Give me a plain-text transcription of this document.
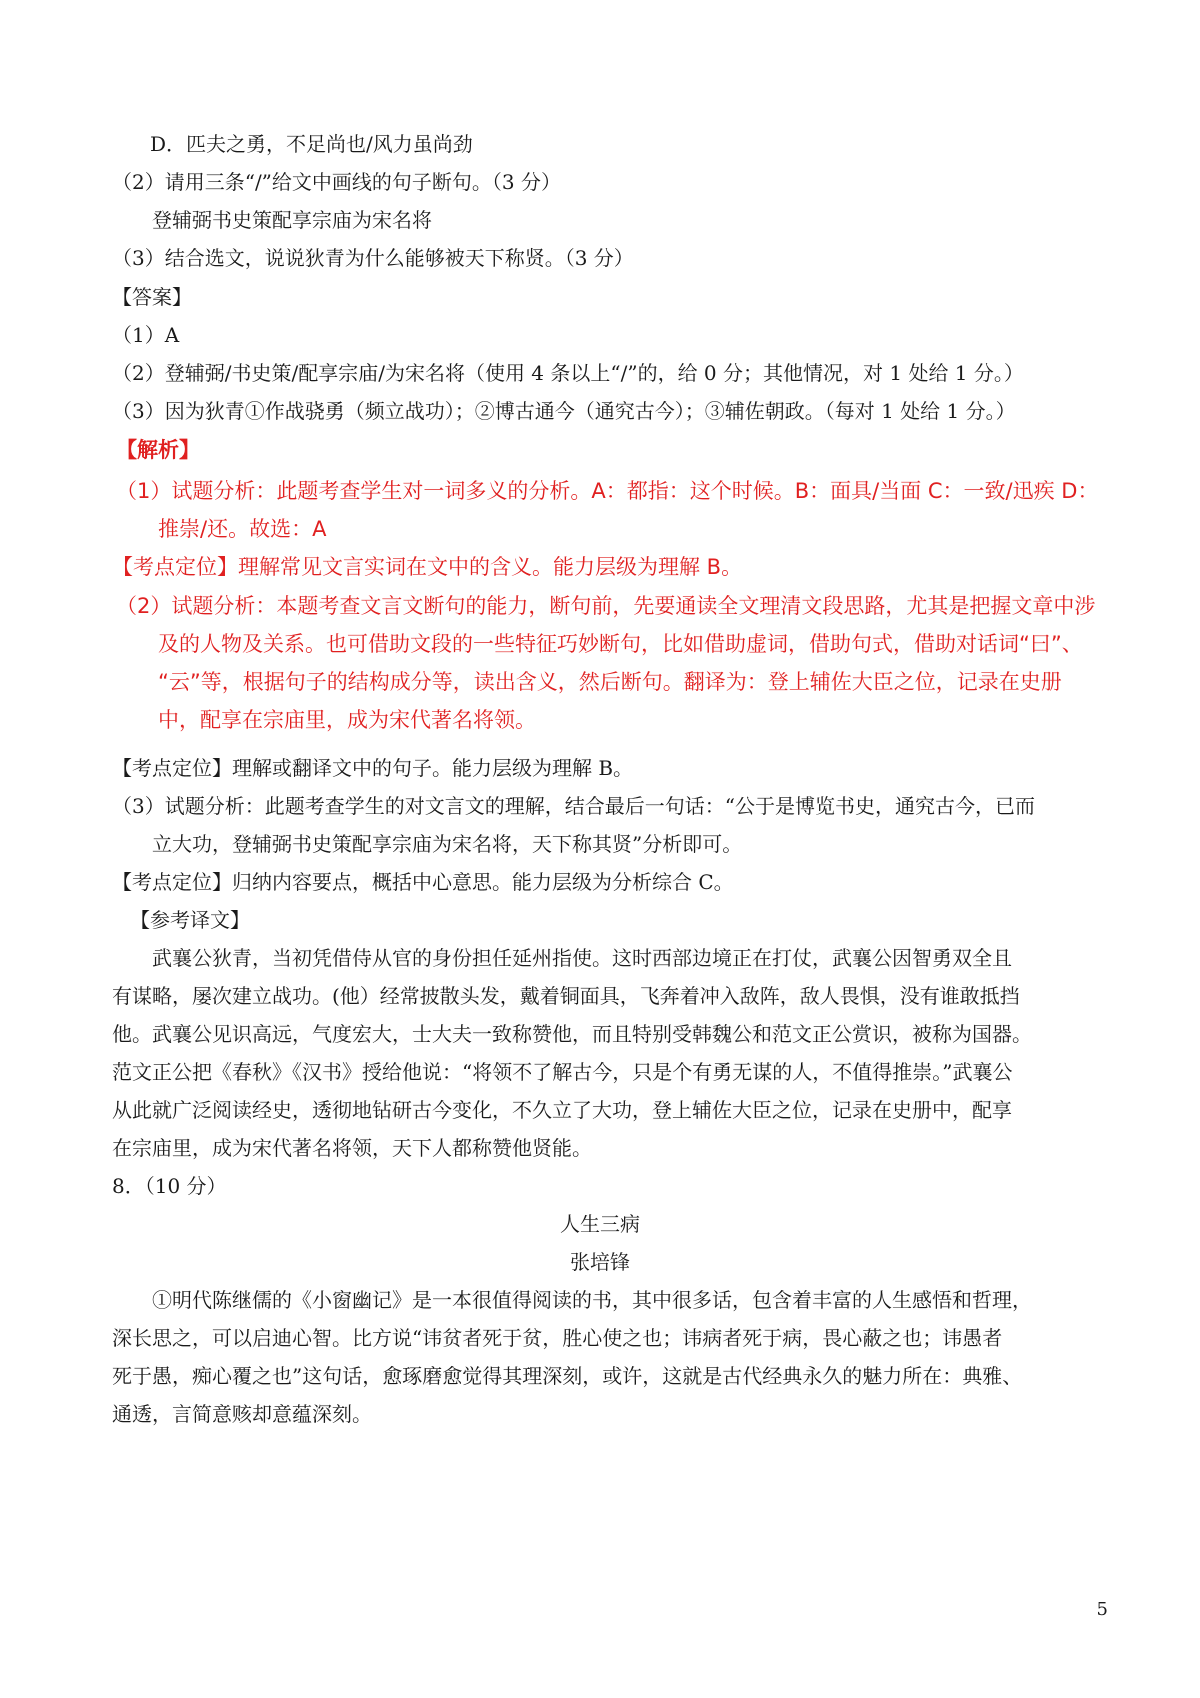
D．匹夫之勇，不足尚也/风力虽尚劲
（2）请用三条“/”给文中画线的句子断句。（3 分）
登辅弼书史策配享宗庙为宋名将
（3）结合选文，说说狄青为什么能够被天下称贤。（3 分）
【答案】
（1）A
（2）登辅弼/书史策/配享宗庙/为宋名将（使用 4 条以上“/”的，给 0 分；其他情况，对 1 处给 1 分。）
（3）因为狄青①作战骁勇（频立战功）；②博古通今（通究古今）；③辅佐朝政。（每对 1 处给 1 分。）
【解析】
（1）试题分析：此题考查学生对一词多义的分析。A：都指：这个时候。B：面具/当面 C：一致/迅疾 D：
推崇/还。故选：A
【考点定位】理解常见文言实词在文中的含义。能力层级为理解 B。
（2）试题分析：本题考查文言文断句的能力，断句前，先要通读全文理清文段思路，尤其是把握文章中涉
及的人物及关系。也可借助文段的一些特征巧妙断句，比如借助虚词，借助句式，借助对话词“曰”、
“云”等，根据句子的结构成分等，读出含义，然后断句。翻译为：登上辅佐大臣之位，记录在史册
中，配享在宗庙里，成为宋代著名将领。
【考点定位】理解或翻译文中的句子。能力层级为理解 B。
（3）试题分析：此题考查学生的对文言文的理解，结合最后一句话：“公于是博览书史，通究古今，已而
立大功，登辅弼书史策配享宗庙为宋名将，天下称其贤”分析即可。
【考点定位】归纳内容要点，概括中心意思。能力层级为分析综合 C。
【参考译文】
武襄公狄青，当初凭借侍从官的身份担任延州指使。这时西部边境正在打仗，武襄公因智勇双全且
有谋略，屡次建立战功。(他）经常披散头发，戴着铜面具，飞奔着冲入敌阵，敌人畏惧，没有谁敢抵挡
他。武襄公见识高远，气度宏大，士大夫一致称赞他，而且特别受韩魏公和范文正公赏识，被称为国器。
范文正公把《春秋》《汉书》授给他说：“将领不了解古今，只是个有勇无谋的人，不值得推崇。”武襄公
从此就广泛阅读经史，透彻地钻研古今变化，不久立了大功，登上辅佐大臣之位，记录在史册中，配享
在宗庙里，成为宋代著名将领，天下人都称赞他贤能。
8．（10 分）
人生三病
张培锋
①明代陈继儒的《小窗幽记》是一本很值得阅读的书，其中很多话，包含着丰富的人生感悟和哲理，
深长思之，可以启迪心智。比方说“讳贫者死于贫，胜心使之也；讳病者死于病，畏心蔽之也；讳愚者
死于愚，痴心覆之也”这句话，愈琢磨愈觉得其理深刻，或许，这就是古代经典永久的魅力所在：典雅、
通透，言简意赅却意蕴深刻。
5
